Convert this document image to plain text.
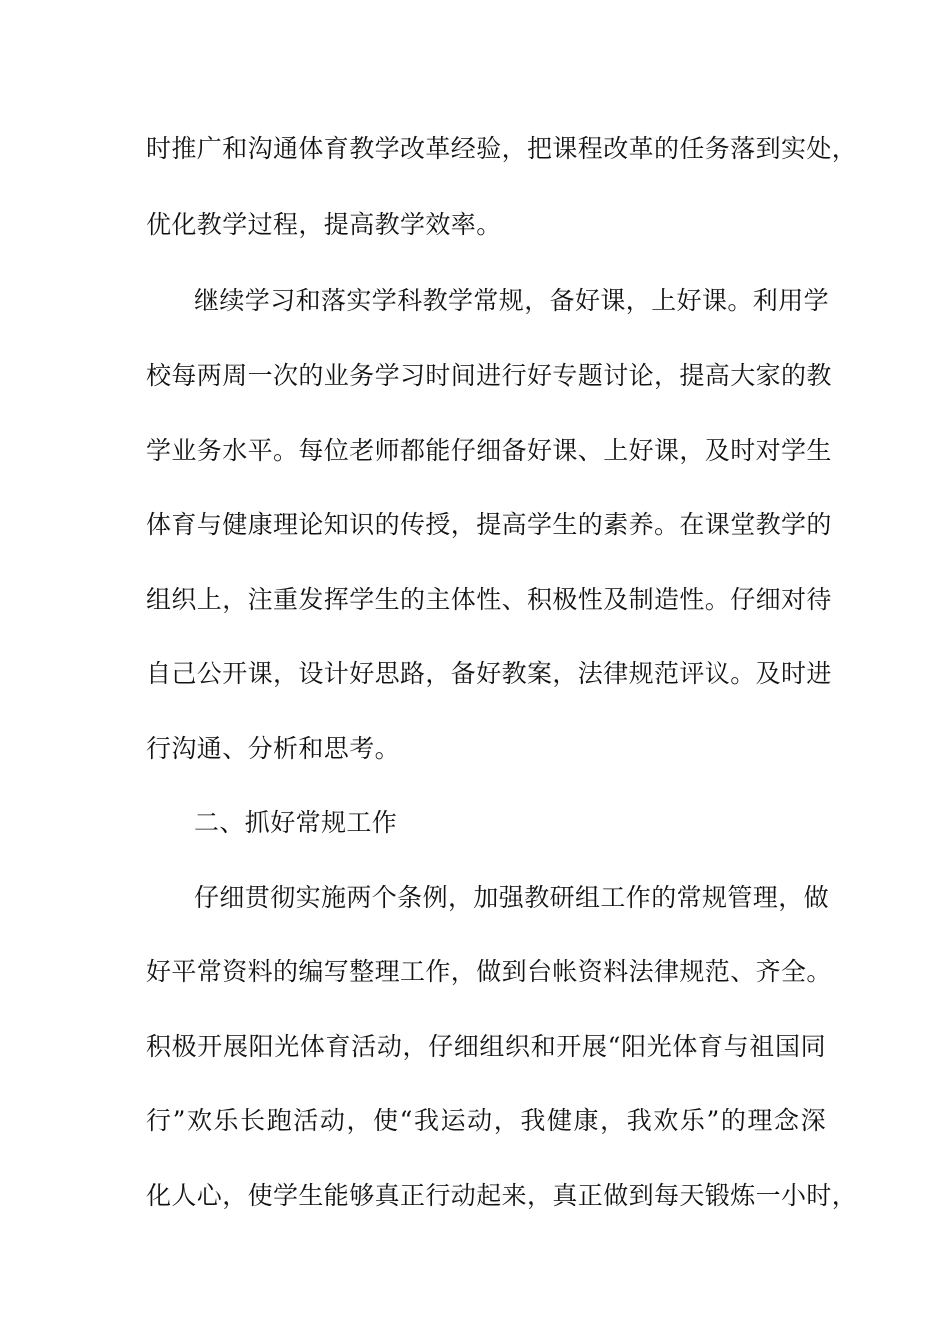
时推广和沟通体育教学改革经验，把课程改革的任务落到实处，
优化教学过程，提高教学效率。
继续学习和落实学科教学常规，备好课，上好课。利用学
校每两周一次的业务学习时间进行好专题讨论，提高大家的教
学业务水平。每位老师都能仔细备好课、上好课，及时对学生
体育与健康理论知识的传授，提高学生的素养。在课堂教学的
组织上，注重发挥学生的主体性、积极性及制造性。仔细对待
自己公开课，设计好思路，备好教案，法律规范评议。及时进
行沟通、分析和思考。
二、抓好常规工作
仔细贯彻实施两个条例，加强教研组工作的常规管理，做
好平常资料的编写整理工作，做到台帐资料法律规范、齐全。
积极开展阳光体育活动，仔细组织和开展“阳光体育与祖国同
行”欢乐长跑活动，使“我运动，我健康，我欢乐”的理念深
化人心，使学生能够真正行动起来，真正做到每天锻炼一小时，
